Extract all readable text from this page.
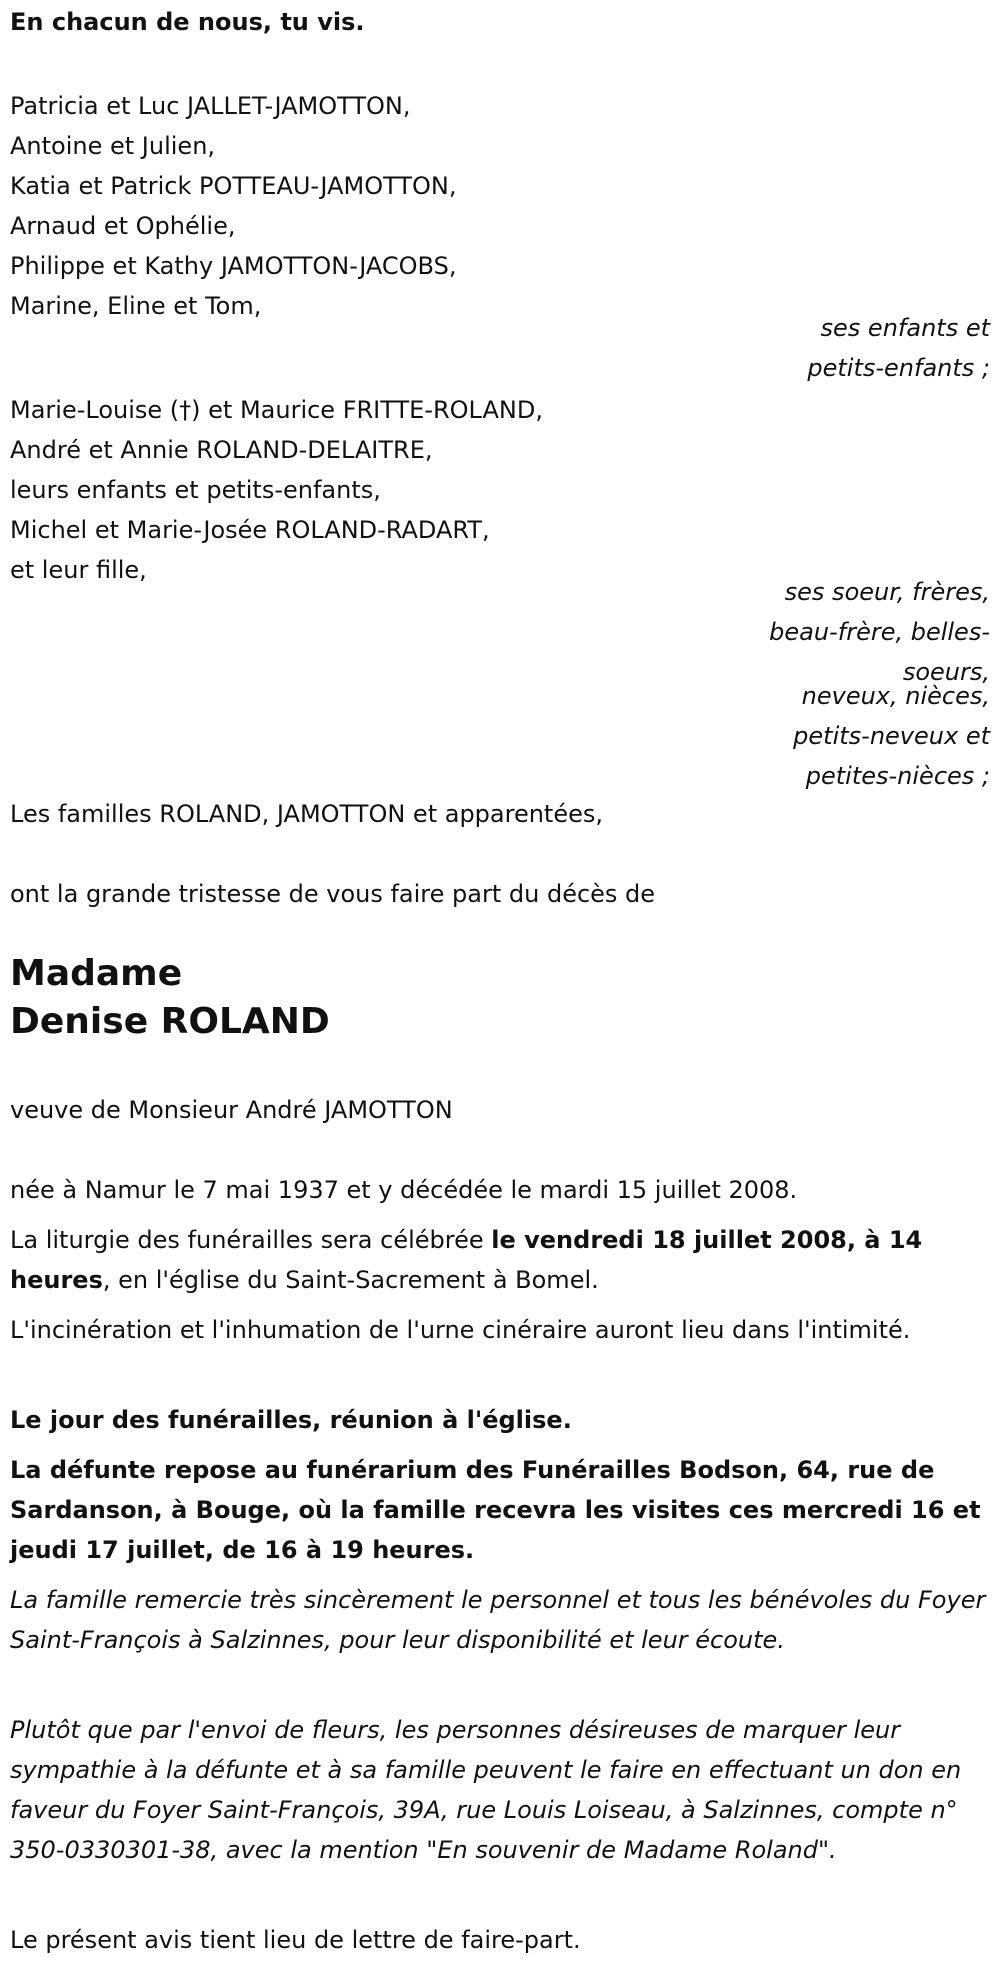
En chacun de nous, tu vis.
Patricia et Luc JALLET-JAMOTTON,
Antoine et Julien,
Katia et Patrick POTTEAU-JAMOTTON,
Arnaud et Ophélie,
Philippe et Kathy JAMOTTON-JACOBS,
Marine, Eline et Tom,
ses enfants et
petits-enfants ;
Marie-Louise (†) et Maurice FRITTE-ROLAND,
André et Annie ROLAND-DELAITRE,
leurs enfants et petits-enfants,
Michel et Marie-Josée ROLAND-RADART,
et leur fille,
ses soeur, frères,
beau-frère, belles-
soeurs,
neveux, nièces,
petits-neveux et
petites-nièces ;
Les familles ROLAND, JAMOTTON et apparentées,
ont la grande tristesse de vous faire part du décès de
Madame
Denise ROLAND
veuve de Monsieur André JAMOTTON
née à Namur le 7 mai 1937 et y décédée le mardi 15 juillet 2008.
La liturgie des funérailles sera célébrée le vendredi 18 juillet 2008, à 14 heures, en l'église du Saint-Sacrement à Bomel.
L'incinération et l'inhumation de l'urne cinéraire auront lieu dans l'intimité.
Le jour des funérailles, réunion à l'église.
La défunte repose au funérarium des Funérailles Bodson, 64, rue de Sardanson, à Bouge, où la famille recevra les visites ces mercredi 16 et jeudi 17 juillet, de 16 à 19 heures.
La famille remercie très sincèrement le personnel et tous les bénévoles du Foyer Saint-François à Salzinnes, pour leur disponibilité et leur écoute.
Plutôt que par l'envoi de fleurs, les personnes désireuses de marquer leur sympathie à la défunte et à sa famille peuvent le faire en effectuant un don en faveur du Foyer Saint-François, 39A, rue Louis Loiseau, à Salzinnes, compte n° 350-0330301-38, avec la mention "En souvenir de Madame Roland".
Le présent avis tient lieu de lettre de faire-part.
